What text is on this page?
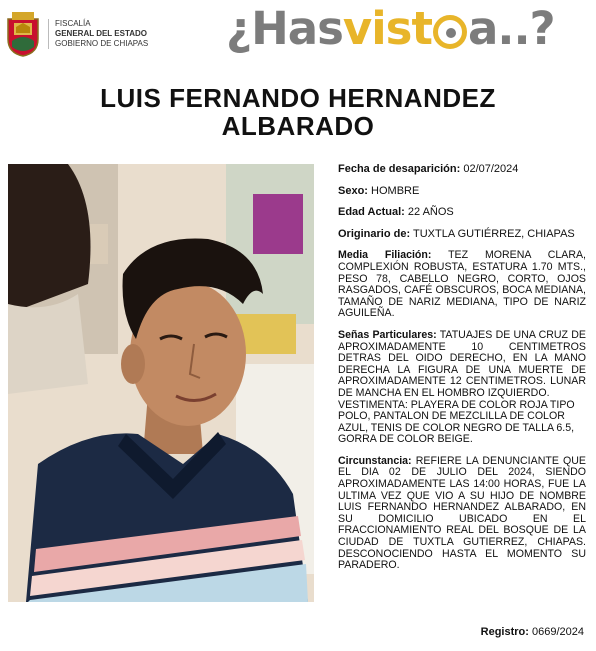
FISCALÍA
GENERAL DEL ESTADO
GOBIERNO DE CHIAPAS ¿Hasvist a..?
LUIS FERNANDO HERNANDEZ
ALBARADO
Fecha de desaparición: 02/07/2024
Sexo: HOMBRE
Edad Actual: 22 AÑOS
Originario de: TUXTLA GUTIÉRREZ, CHIAPAS
Media Filiación: TEZ MORENA CLARA, COMPLEXIÓN ROBUSTA, ESTATURA 1.70 MTS., PESO 78, CABELLO NEGRO, CORTO, OJOS RASGADOS, CAFÉ OBSCUROS, BOCA MEDIANA, TAMAÑO DE NARIZ MEDIANA, TIPO DE NARIZ AGUILEÑA.
Señas Particulares: TATUAJES DE UNA CRUZ DE APROXIMADAMENTE 10 CENTIMETROS DETRAS DEL OIDO DERECHO, EN LA MANO DERECHA LA FIGURA DE UNA MUERTE DE APROXIMADAMENTE 12 CENTIMETROS. LUNAR DE MANCHA EN EL HOMBRO IZQUIERDO.
VESTIMENTA: PLAYERA DE COLOR ROJA TIPO POLO, PANTALON DE MEZCLILLA DE COLOR AZUL, TENIS DE COLOR NEGRO DE TALLA 6.5, GORRA DE COLOR BEIGE.
Circunstancia: REFIERE LA DENUNCIANTE QUE EL DIA 02 DE JULIO DEL 2024, SIENDO APROXIMADAMENTE LAS 14:00 HORAS, FUE LA ULTIMA VEZ QUE VIO A SU HIJO DE NOMBRE LUIS FERNANDO HERNANDEZ ALBARADO, EN SU DOMICILIO UBICADO EN EL FRACCIONAMIENTO REAL DEL BOSQUE DE LA CIUDAD DE TUXTLA GUTIERREZ, CHIAPAS. DESCONOCIENDO HASTA EL MOMENTO SU PARADERO.
Registro: 0669/2024
